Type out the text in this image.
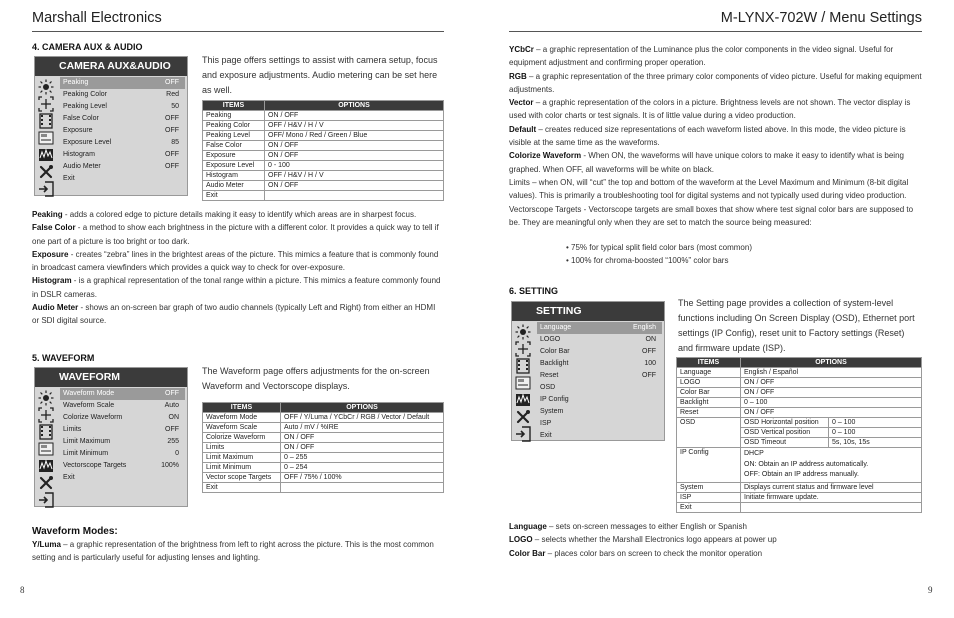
Marshall Electronics	M-LYNX-702W / Menu Settings
4. CAMERA AUX & AUDIO
CAMERA AUX&AUDIO
Peaking	OFF
Peaking Color	Red
Peaking Level	50
False Color	OFF
Exposure	OFF
Exposure Level	85
Histogram	OFF
Audio Meter	OFF
Exit
This page offers settings to assist with camera setup, focus and exposure adjustments. Audio metering can be set here as well.
ITEMS	OPTIONS
Peaking	ON / OFF
Peaking Color	OFF / H&V / H / V
Peaking Level	OFF/ Mono / Red / Green / Blue
False Color	ON / OFF
Exposure	ON / OFF
Exposure Level	0 - 100
Histogram	OFF / H&V / H / V
Audio Meter	ON / OFF
Exit	
Peaking - adds a colored edge to picture details making it easy to identify which areas are in sharpest focus.
False Color - a method to show each brightness in the picture with a different color. It provides a quick way to tell if one part of a picture is too bright or too dark.
Exposure - creates “zebra” lines in the brightest areas of the picture. This mimics a feature that is commonly found in broadcast camera viewfinders which provides a quick way to check for over-exposure.
Histogram - is a graphical representation of the tonal range within a picture. This mimics a feature commonly found in DSLR cameras.
Audio Meter - shows an on-screen bar graph of two audio channels (typically Left and Right) from either an HDMI or SDI digital source.
5. WAVEFORM
WAVEFORM
Waveform Mode	OFF
Waveform Scale	Auto
Colorize Waveform	ON
Limits	OFF
Limit Maximum	255
Limit Minimum	0
Vectorscope Targets	100%
Exit
The Waveform page offers adjustments for the on-screen Waveform and Vectorscope displays.
ITEMS	OPTIONS
Waveform Mode	OFF / Y/Luma / YCbCr / RGB / Vector / Default
Waveform Scale	Auto / mV / %IRE
Colorize Waveform	ON / OFF
Limits	ON / OFF
Limit Maximum	0 – 255
Limit Minimum	0 – 254
Vector scope Targets	OFF / 75% / 100%
Exit	
Waveform Modes:
Y/Luma – a graphic representation of the brightness from left to right across the picture. This is the most common setting and is particularly useful for adjusting lenses and lighting.
8
YCbCr – a graphic representation of the Luminance plus the color components in the video signal. Useful for equipment adjustment and confirming proper operation.
RGB – a graphic representation of the three primary color components of video picture. Useful for making equipment adjustments.
Vector – a graphic representation of the colors in a picture. Brightness levels are not shown. The vector display is used with color charts or test signals. It is of little value during a video production.
Default – creates reduced size representations of each waveform listed above. In this mode, the video picture is visible at the same time as the waveforms.
Colorize Waveform - When ON, the waveforms will have unique colors to make it easy to identify what is being graphed. When OFF, all waveforms will be white on black.
Limits – when ON, will “cut” the top and bottom of the waveform at the Level Maximum and Minimum (8-bit digital values). This is primarily a troubleshooting tool for digital systems and not typically used during video production.
Vectorscope Targets - Vectorscope targets are small boxes that show where test signal color bars are supposed to be. They are meaningful only when they are set to match the source being measured:
• 75% for typical split field color bars (most common)
• 100% for chroma-boosted “100%” color bars
6. SETTING
SETTING
Language	English
LOGO	ON
Color Bar	OFF
Backlight	100
Reset	OFF
OSD
IP Config
System
ISP
Exit
The Setting page provides a collection of system-level functions including On Screen Display (OSD), Ethernet port settings (IP Config), reset unit to Factory settings (Reset) and firmware update (ISP).
ITEMS	OPTIONS	
Language	English / Español	
LOGO	ON / OFF	
Color Bar	ON / OFF	
Backlight	0 – 100	
Reset	ON / OFF	
OSD	OSD Horizontal position	0 – 100
	OSD Vertical position	0 – 100
	OSD Timeout	5s, 10s, 15s
IP Config	DHCP
ON: Obtain an IP address automatically.
OFF: Obtain an IP address manually.	

System	Displays current status and firmware level	
ISP	Initiate firmware update.	
Exit		
Language – sets on-screen messages to either English or Spanish
LOGO – selects whether the Marshall Electronics logo appears at power up
Color Bar – places color bars on screen to check the monitor operation
9
